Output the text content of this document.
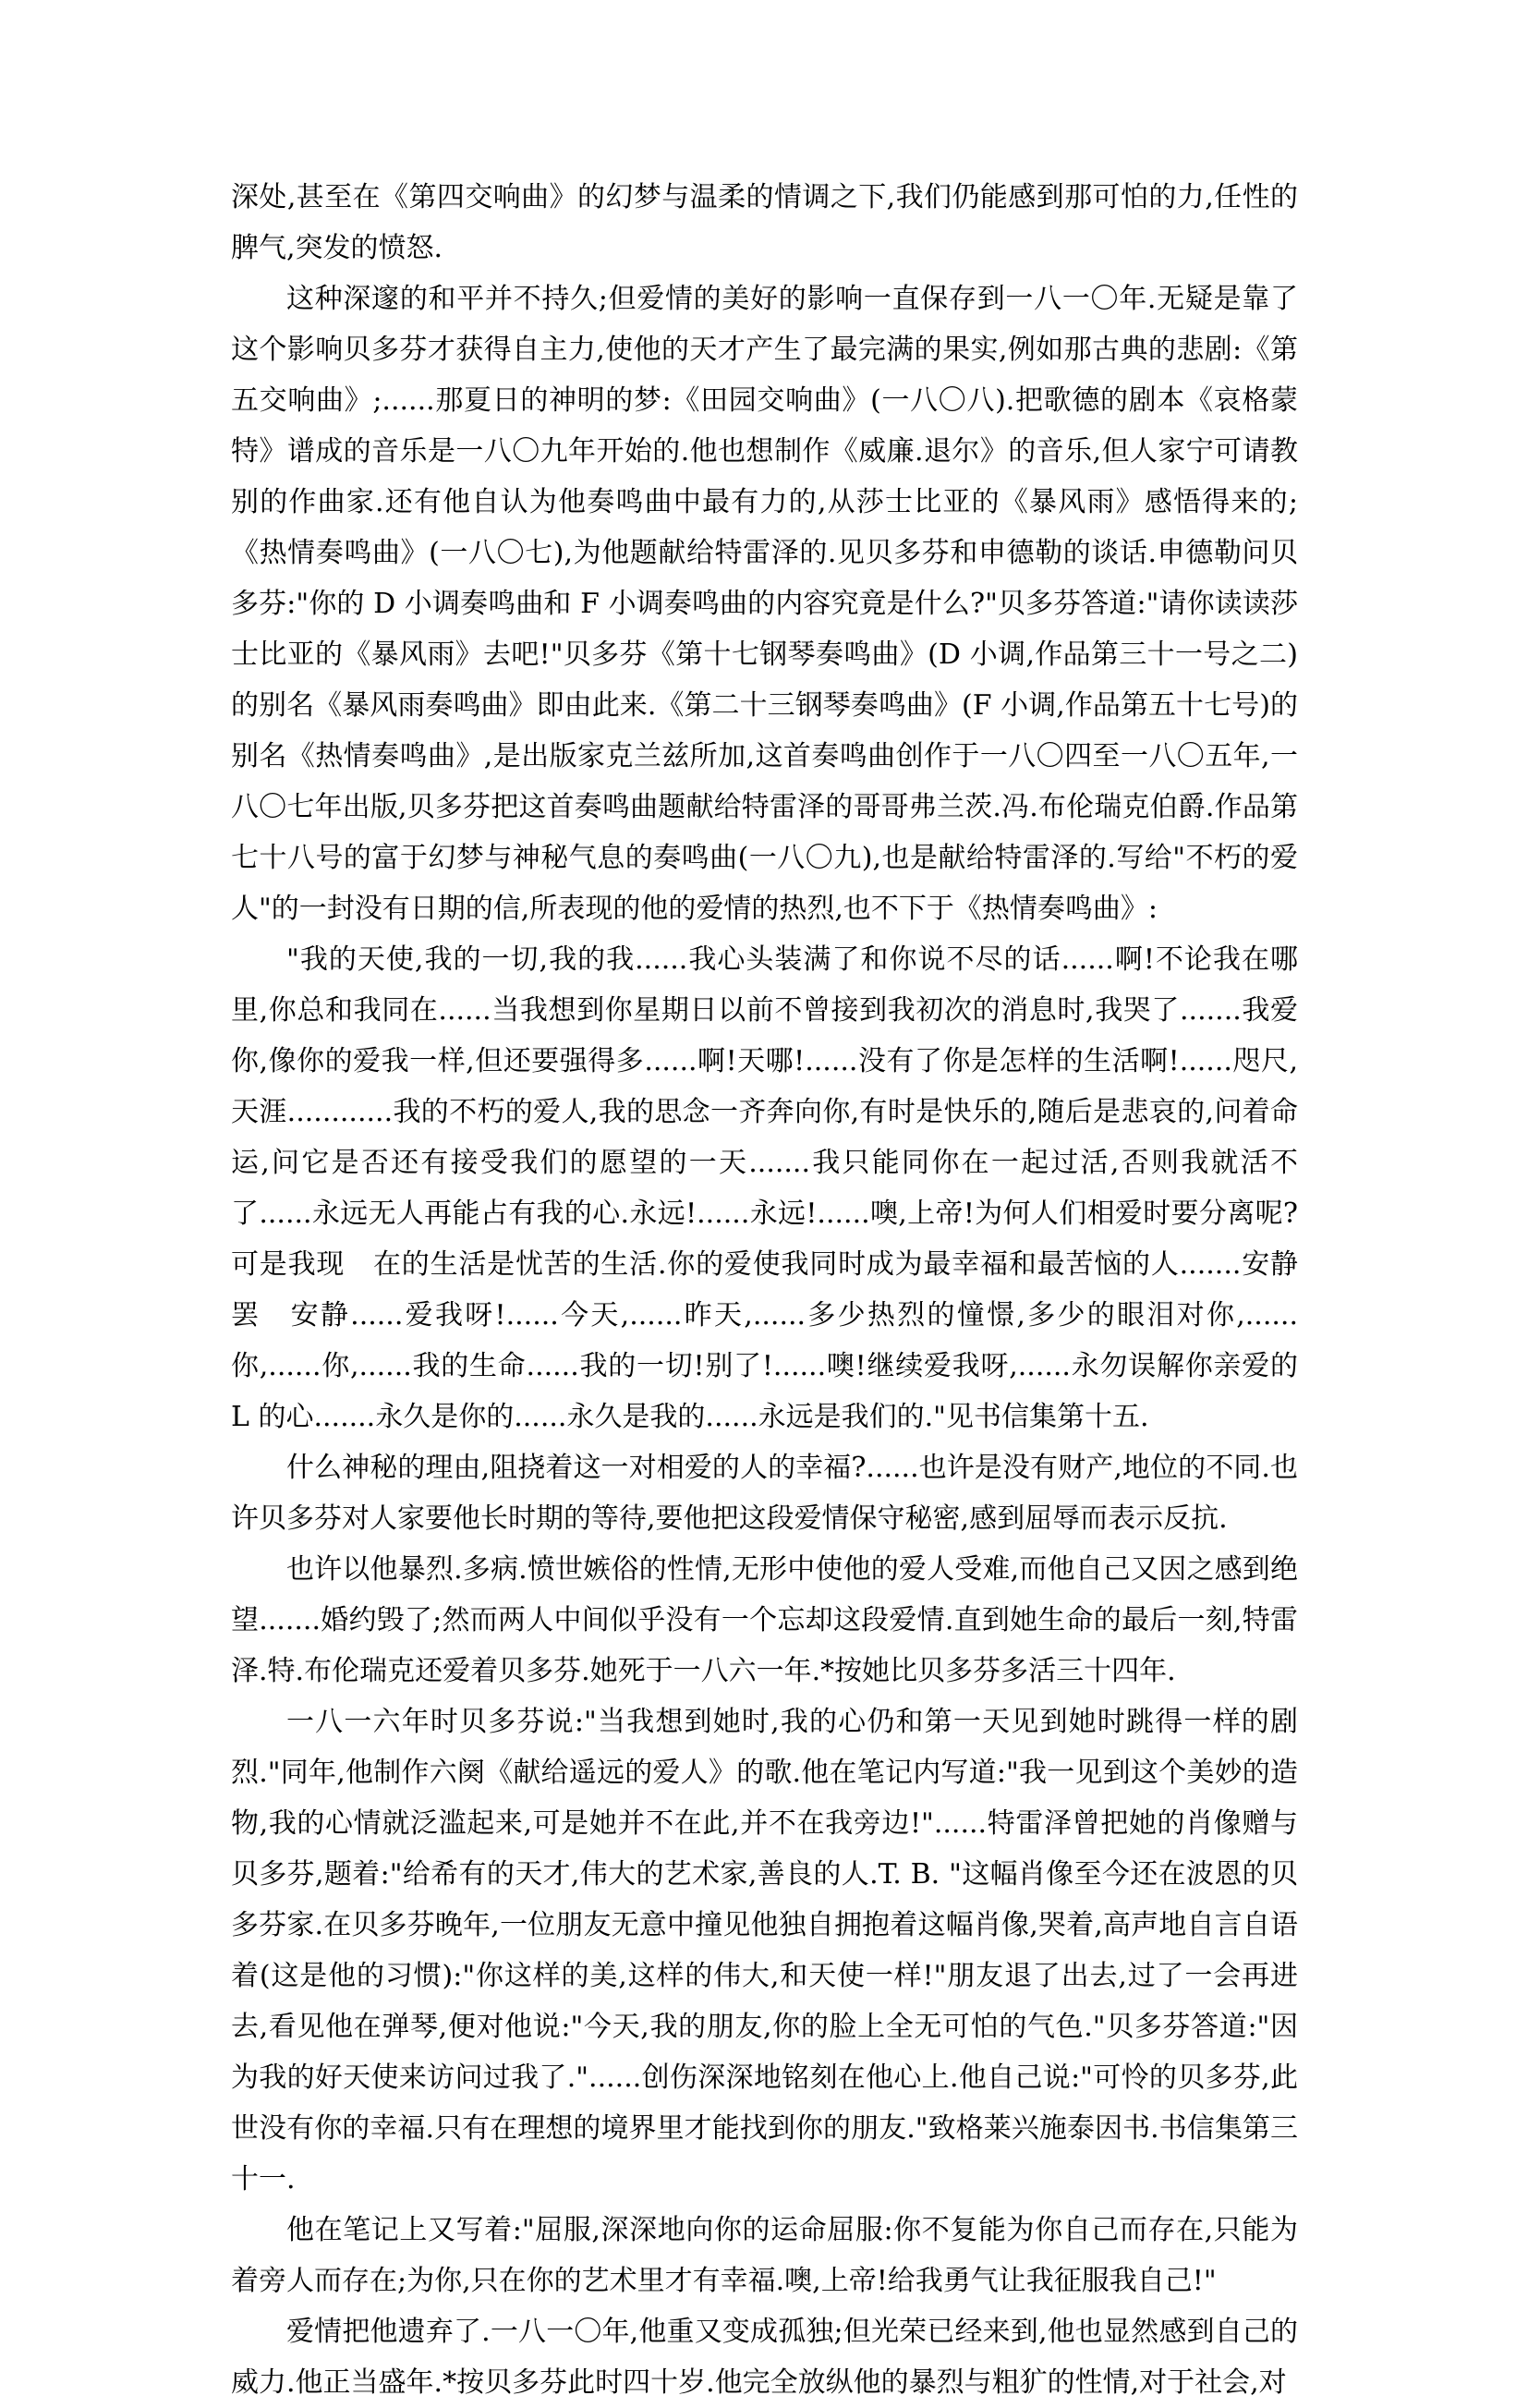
深处,甚至在《第四交响曲》的幻梦与温柔的情调之下,我们仍能感到那可怕的力,任性的脾气,突发的愤怒.

这种深邃的和平并不持久;但爱情的美好的影响一直保存到一八一〇年.无疑是靠了这个影响贝多芬才获得自主力,使他的天才产生了最完满的果实,例如那古典的悲剧:《第五交响曲》;......那夏日的神明的梦:《田园交响曲》(一八〇八).把歌德的剧本《哀格蒙特》谱成的音乐是一八〇九年开始的.他也想制作《威廉.退尔》的音乐,但人家宁可请教别的作曲家.还有他自认为他奏鸣曲中最有力的,从莎士比亚的《暴风雨》感悟得来的;《热情奏鸣曲》(一八〇七),为他题献给特雷泽的.见贝多芬和申德勒的谈话.申德勒问贝多芬:"你的 D 小调奏鸣曲和 F 小调奏鸣曲的内容究竟是什么?"贝多芬答道:"请你读读莎士比亚的《暴风雨》去吧!"贝多芬《第十七钢琴奏鸣曲》(D 小调,作品第三十一号之二)的别名《暴风雨奏鸣曲》即由此来.《第二十三钢琴奏鸣曲》(F 小调,作品第五十七号)的别名《热情奏鸣曲》,是出版家克兰兹所加,这首奏鸣曲创作于一八〇四至一八〇五年,一八〇七年出版,贝多芬把这首奏鸣曲题献给特雷泽的哥哥弗兰茨.冯.布伦瑞克伯爵.作品第七十八号的富于幻梦与神秘气息的奏鸣曲(一八〇九),也是献给特雷泽的.写给"不朽的爱人"的一封没有日期的信,所表现的他的爱情的热烈,也不下于《热情奏鸣曲》:

"我的天使,我的一切,我的我......我心头装满了和你说不尽的话......啊!不论我在哪里,你总和我同在......当我想到你星期日以前不曾接到我初次的消息时,我哭了.......我爱你,像你的爱我一样,但还要强得多......啊!天哪!......没有了你是怎样的生活啊!......咫尺,天涯............我的不朽的爱人,我的思念一齐奔向你,有时是快乐的,随后是悲哀的,问着命运,问它是否还有接受我们的愿望的一天.......我只能同你在一起过活,否则我就活不了......永远无人再能占有我的心.永远!......永远!......噢,上帝!为何人们相爱时要分离呢?可是我现　在的生活是忧苦的生活.你的爱使我同时成为最幸福和最苦恼的人.......安静罢　安静......爱我呀!......今天,......昨天,......多少热烈的憧憬,多少的眼泪对你,......你,......你,......我的生命......我的一切!别了!......噢!继续爱我呀,......永勿误解你亲爱的 L 的心.......永久是你的......永久是我的......永远是我们的."见书信集第十五.

什么神秘的理由,阻挠着这一对相爱的人的幸福?......也许是没有财产,地位的不同.也许贝多芬对人家要他长时期的等待,要他把这段爱情保守秘密,感到屈辱而表示反抗.

也许以他暴烈.多病.愤世嫉俗的性情,无形中使他的爱人受难,而他自己又因之感到绝望.......婚约毁了;然而两人中间似乎没有一个忘却这段爱情.直到她生命的最后一刻,特雷泽.特.布伦瑞克还爱着贝多芬.她死于一八六一年.*按她比贝多芬多活三十四年.

一八一六年时贝多芬说:"当我想到她时,我的心仍和第一天见到她时跳得一样的剧烈."同年,他制作六阕《献给遥远的爱人》的歌.他在笔记内写道:"我一见到这个美妙的造物,我的心情就泛滥起来,可是她并不在此,并不在我旁边!"......特雷泽曾把她的肖像赠与贝多芬,题着:"给希有的天才,伟大的艺术家,善良的人.T. B. "这幅肖像至今还在波恩的贝多芬家.在贝多芬晚年,一位朋友无意中撞见他独自拥抱着这幅肖像,哭着,高声地自言自语着(这是他的习惯):"你这样的美,这样的伟大,和天使一样!"朋友退了出去,过了一会再进去,看见他在弹琴,便对他说:"今天,我的朋友,你的脸上全无可怕的气色."贝多芬答道:"因为我的好天使来访问过我了."......创伤深深地铭刻在他心上.他自己说:"可怜的贝多芬,此世没有你的幸福.只有在理想的境界里才能找到你的朋友."致格莱兴施泰因书.书信集第三十一.

他在笔记上又写着:"屈服,深深地向你的运命屈服:你不复能为你自己而存在,只能为着旁人而存在;为你,只在你的艺术里才有幸福.噢,上帝!给我勇气让我征服我自己!"

爱情把他遗弃了.一八一〇年,他重又变成孤独;但光荣已经来到,他也显然感到自己的威力.他正当盛年.*按贝多芬此时四十岁.他完全放纵他的暴烈与粗犷的性情,对于社会,对
